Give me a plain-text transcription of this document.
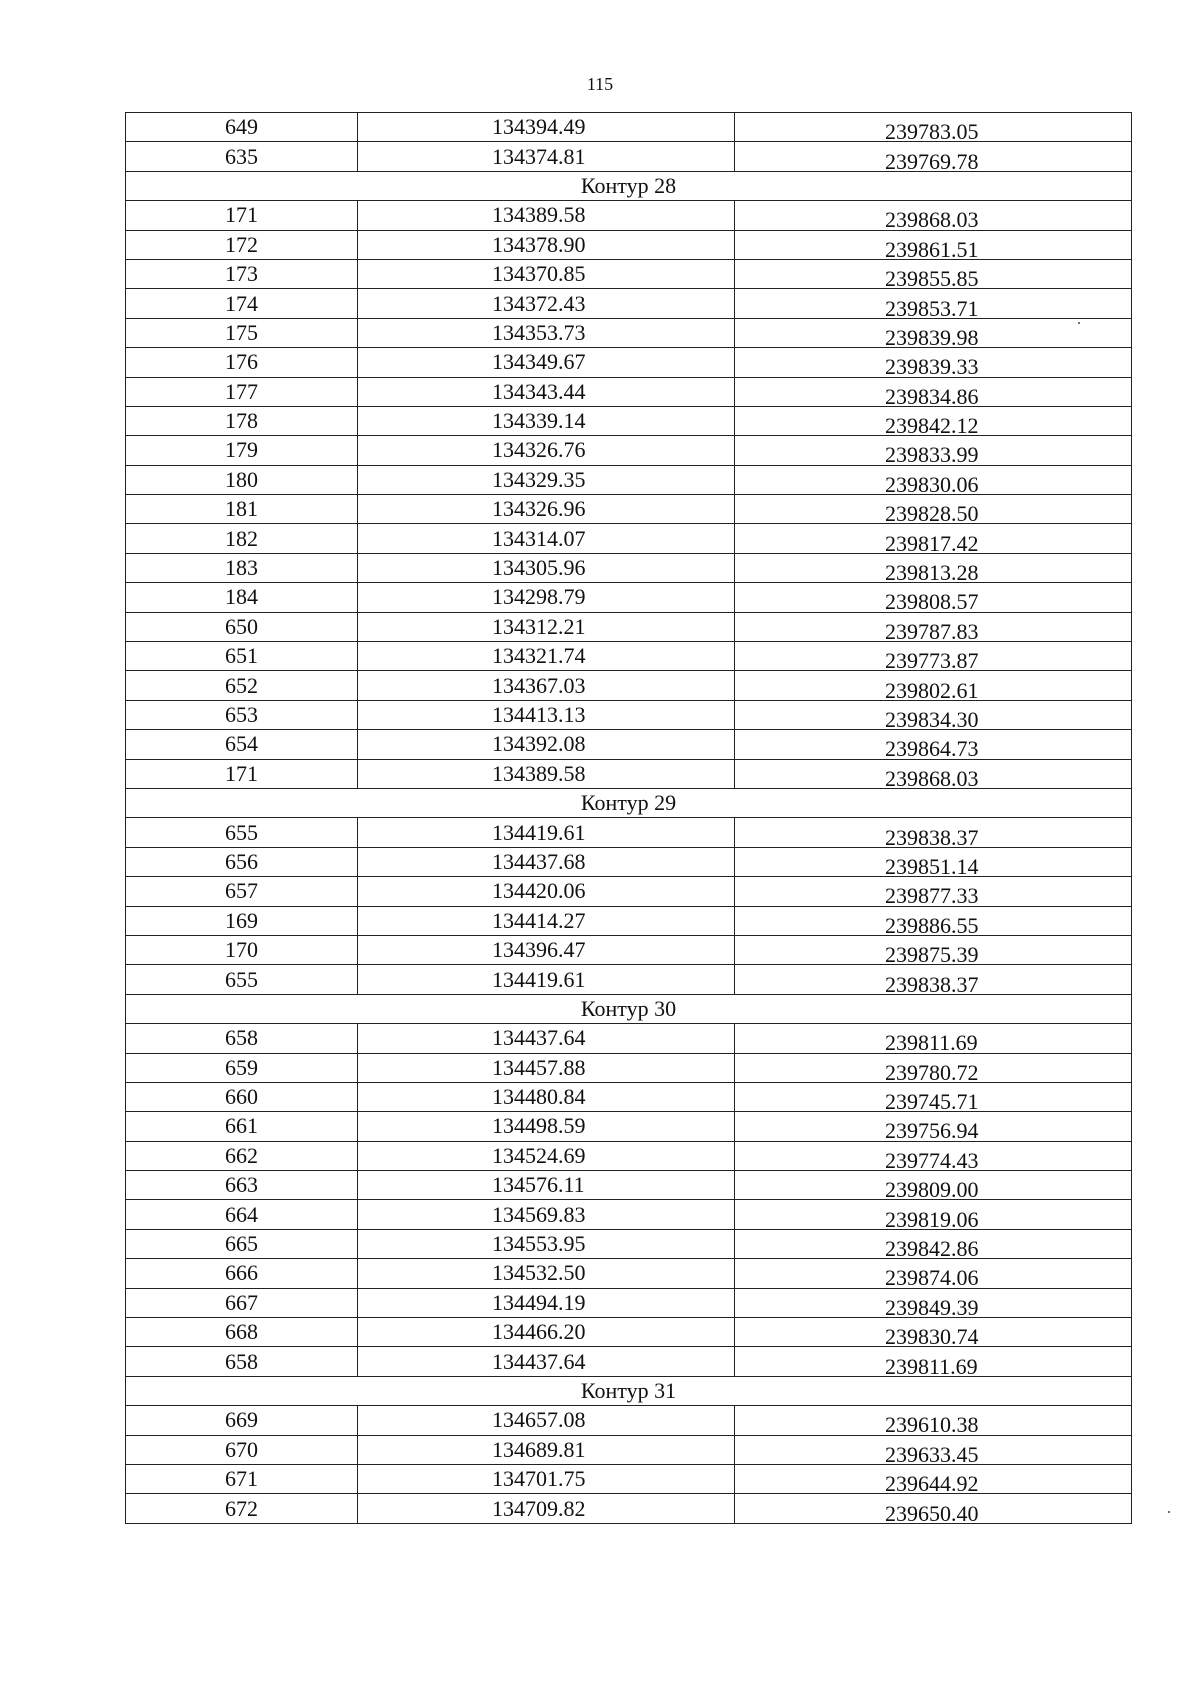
115
649	134394.49	239783.05
635	134374.81	239769.78
Контур 28		
171	134389.58	239868.03
172	134378.90	239861.51
173	134370.85	239855.85
174	134372.43	239853.71
175	134353.73	239839.98
176	134349.67	239839.33
177	134343.44	239834.86
178	134339.14	239842.12
179	134326.76	239833.99
180	134329.35	239830.06
181	134326.96	239828.50
182	134314.07	239817.42
183	134305.96	239813.28
184	134298.79	239808.57
650	134312.21	239787.83
651	134321.74	239773.87
652	134367.03	239802.61
653	134413.13	239834.30
654	134392.08	239864.73
171	134389.58	239868.03
Контур 29		
655	134419.61	239838.37
656	134437.68	239851.14
657	134420.06	239877.33
169	134414.27	239886.55
170	134396.47	239875.39
655	134419.61	239838.37
Контур 30		
658	134437.64	239811.69
659	134457.88	239780.72
660	134480.84	239745.71
661	134498.59	239756.94
662	134524.69	239774.43
663	134576.11	239809.00
664	134569.83	239819.06
665	134553.95	239842.86
666	134532.50	239874.06
667	134494.19	239849.39
668	134466.20	239830.74
658	134437.64	239811.69
Контур 31		
669	134657.08	239610.38
670	134689.81	239633.45
671	134701.75	239644.92
672	134709.82	239650.40
